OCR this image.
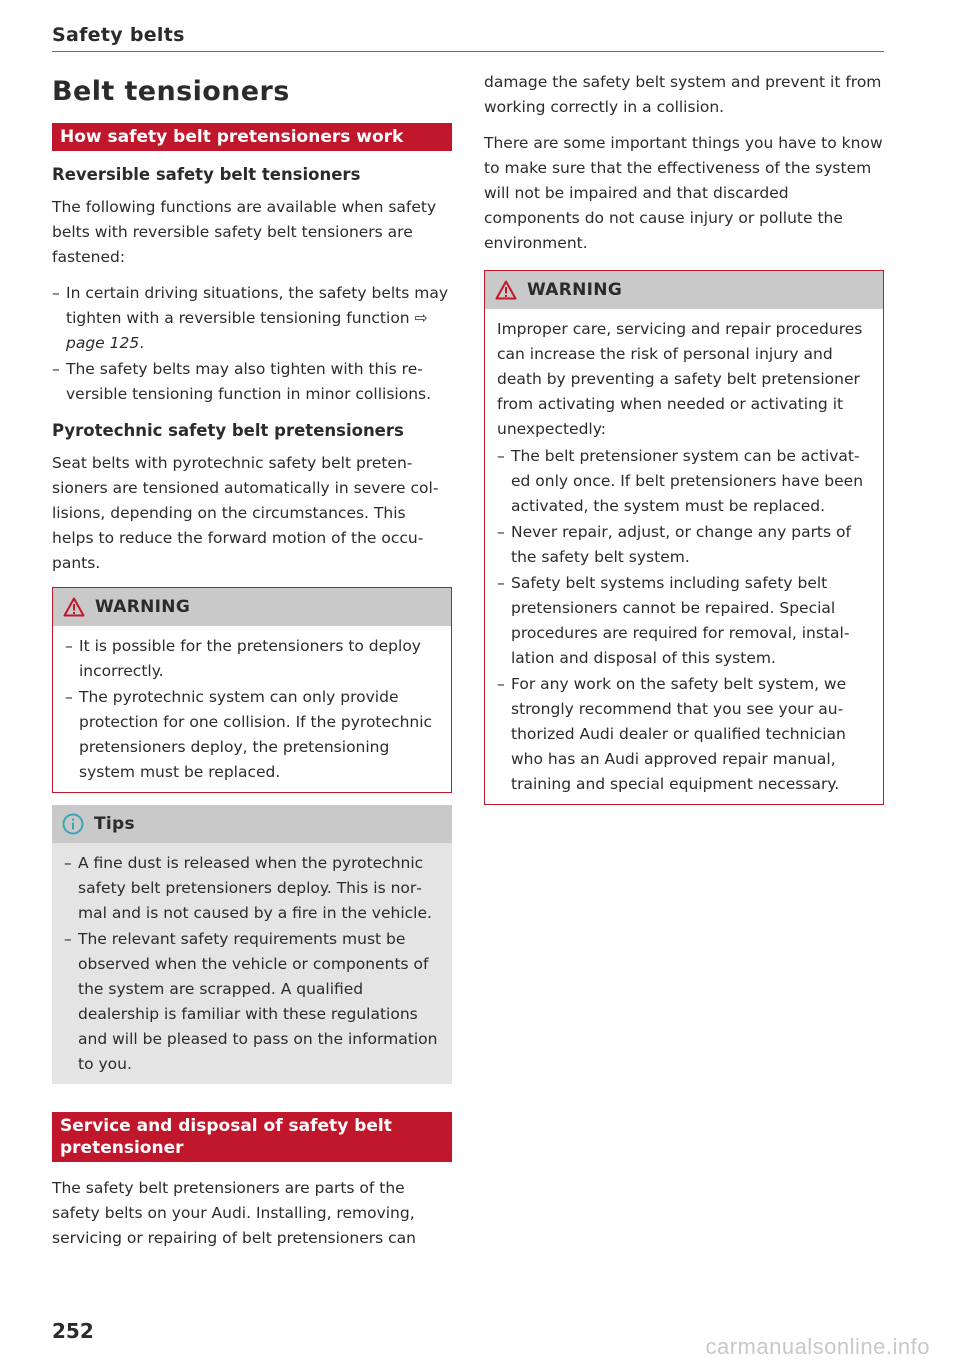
Safety belts
Belt tensioners
How safety belt pretensioners work
Reversible safety belt tensioners

The following functions are available when safety belts with reversible safety belt tensioners are fastened:

– In certain driving situations, the safety belts may tighten with a reversible tensioning function ⇨page 125.
– The safety belts may also tighten with this reversible tensioning function in minor collisions.
Pyrotechnic safety belt pretensioners

Seat belts with pyrotechnic safety belt pretensioners are tensioned automatically in severe collisions, depending on the circumstances. This helps to reduce the forward motion of the occupants.

WARNING
– It is possible for the pretensioners to deploy incorrectly.
– The pyrotechnic system can only provide protection for one collision. If the pyrotechnic pretensioners deploy, the pretensioning system must be replaced.
Tips
– A fine dust is released when the pyrotechnic safety belt pretensioners deploy. This is normal and is not caused by a fire in the vehicle.
– The relevant safety requirements must be observed when the vehicle or components of the system are scrapped. A qualified dealership is familiar with these regulations and will be pleased to pass on the information to you.
Service and disposal of safety belt pretensioner

The safety belt pretensioners are parts of the safety belts on your Audi. Installing, removing, servicing or repairing of belt pretensioners can

damage the safety belt system and prevent it from working correctly in a collision.

There are some important things you have to know to make sure that the effectiveness of the system will not be impaired and that discarded components do not cause injury or pollute the environment.

WARNING

Improper care, servicing and repair procedures can increase the risk of personal injury and death by preventing a safety belt pretensioner from activating when needed or activating it unexpectedly:

– The belt pretensioner system can be activated only once. If belt pretensioners have been activated, the system must be replaced.
– Never repair, adjust, or change any parts of the safety belt system.
– Safety belt systems including safety belt pretensioners cannot be repaired. Special procedures are required for removal, installation and disposal of this system.
– For any work on the safety belt system, we strongly recommend that you see your authorized Audi dealer or qualified technician who has an Audi approved repair manual, training and special equipment necessary.
252
carmanualsonline.info
